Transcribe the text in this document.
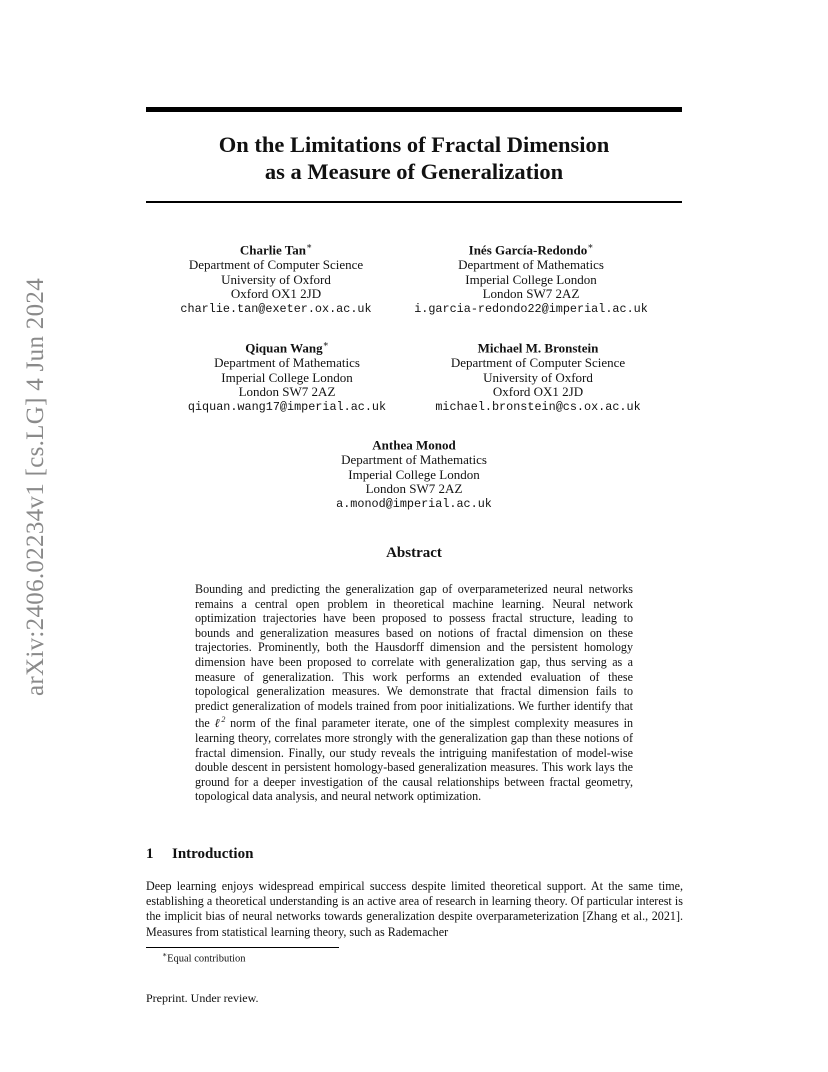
arXiv:2406.02234v1 [cs.LG] 4 Jun 2024
On the Limitations of Fractal Dimension
as a Measure of Generalization
Charlie Tan∗
Department of Computer Science
University of Oxford
Oxford OX1 2JD
charlie.tan@exeter.ox.ac.uk
Inés García-Redondo∗
Department of Mathematics
Imperial College London
London SW7 2AZ
i.garcia-redondo22@imperial.ac.uk
Qiquan Wang∗
Department of Mathematics
Imperial College London
London SW7 2AZ
qiquan.wang17@imperial.ac.uk
Michael M. Bronstein
Department of Computer Science
University of Oxford
Oxford OX1 2JD
michael.bronstein@cs.ox.ac.uk
Anthea Monod
Department of Mathematics
Imperial College London
London SW7 2AZ
a.monod@imperial.ac.uk
Abstract
Bounding and predicting the generalization gap of overparameterized neural networks remains a central open problem in theoretical machine learning. Neural network optimization trajectories have been proposed to possess fractal structure, leading to bounds and generalization measures based on notions of fractal dimension on these trajectories. Prominently, both the Hausdorff dimension and the persistent homology dimension have been proposed to correlate with generalization gap, thus serving as a measure of generalization. This work performs an extended evaluation of these topological generalization measures. We demonstrate that fractal dimension fails to predict generalization of models trained from poor initializations. We further identify that the ℓ$^2$ norm of the final parameter iterate, one of the simplest complexity measures in learning theory, correlates more strongly with the generalization gap than these notions of fractal dimension. Finally, our study reveals the intriguing manifestation of model-wise double descent in persistent homology-based generalization measures. This work lays the ground for a deeper investigation of the causal relationships between fractal geometry, topological data analysis, and neural network optimization.
1 Introduction
Deep learning enjoys widespread empirical success despite limited theoretical support. At the same time, establishing a theoretical understanding is an active area of research in learning theory. Of particular interest is the implicit bias of neural networks towards generalization despite overparameterization [Zhang et al., 2021]. Measures from statistical learning theory, such as Rademacher
∗Equal contribution
Preprint. Under review.
